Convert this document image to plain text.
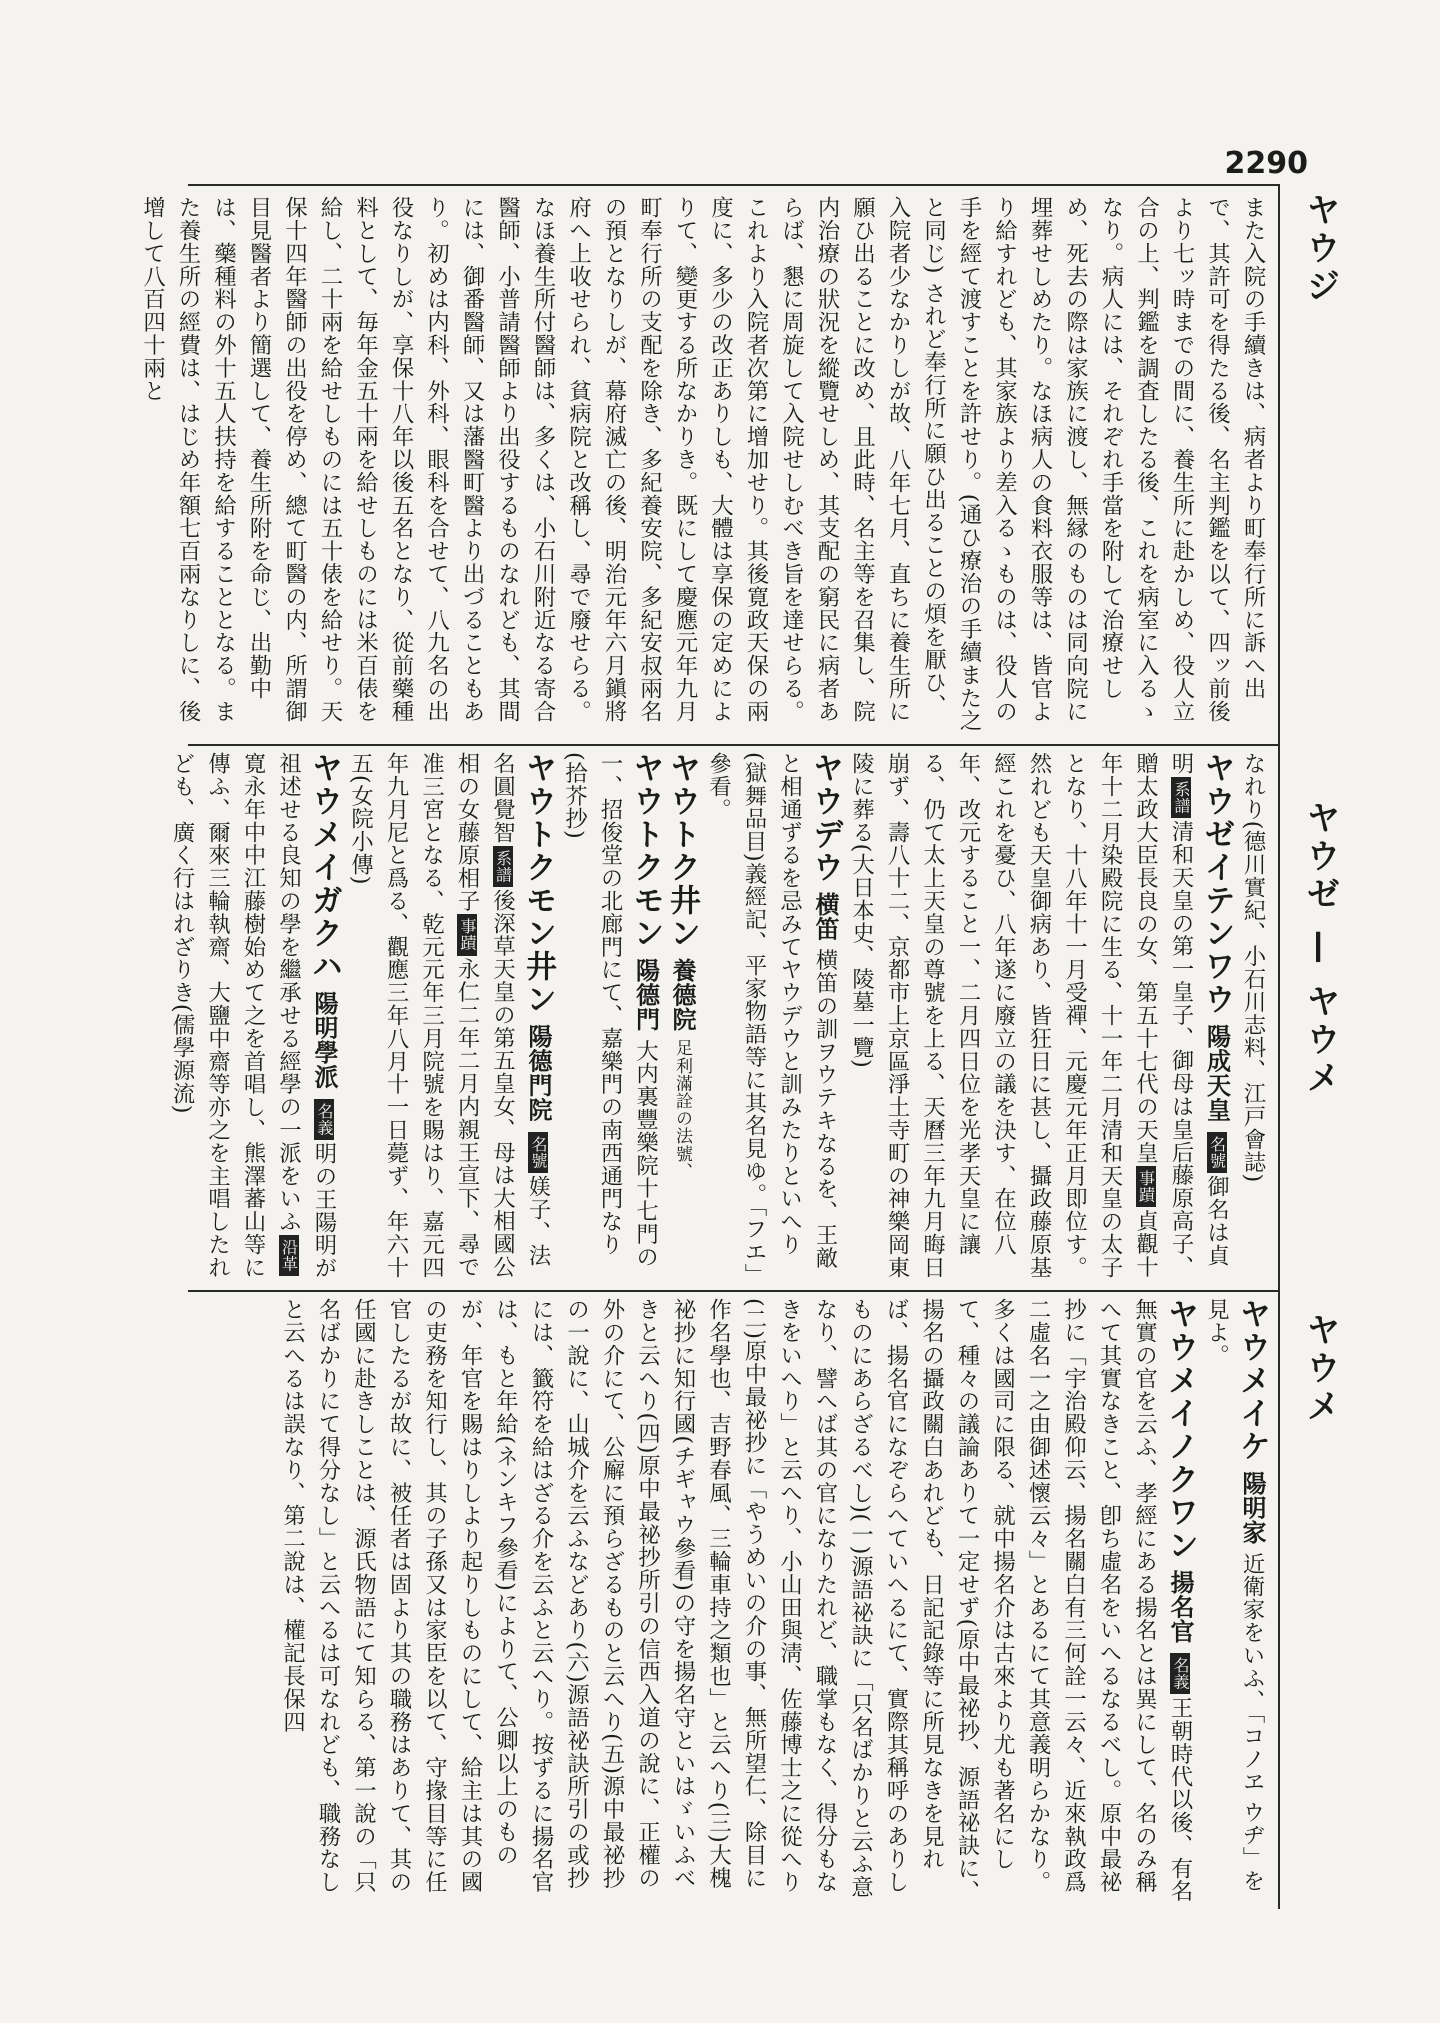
2290
ヤウジ
ヤウゼ — ヤウメ
ヤウメ

また入院の手續きは、病者より町奉行所に訴へ出で、其許可を得たる後、名主判鑑を以て、四ッ前後より七ッ時までの間に、養生所に赴かしめ、役人立合の上、判鑑を調査したる後、これを病室に入るゝなり。病人には、それぞれ手當を附して治療せしめ、死去の際は家族に渡し、無縁のものは同向院に埋葬せしめたり。なほ病人の食料衣服等は、皆官より給すれども、其家族より差入るゝものは、役人の手を經て渡すことを許せり。(通ひ療治の手續また之と同じ) されど奉行所に願ひ出ることの煩を厭ひ、入院者少なかりしが故、八年七月、直ちに養生所に願ひ出ることに改め、且此時、名主等を召集し、院内治療の狀況を縱覽せしめ、其支配の窮民に病者あらば、懇に周旋して入院せしむべき旨を達せらる。これより入院者次第に增加せり。其後寛政天保の兩度に、多少の改正ありしも、大體は享保の定めによりて、變更する所なかりき。既にして慶應元年九月町奉行所の支配を除き、多紀養安院、多紀安叔兩名の預となりしが、幕府滅亡の後、明治元年六月鎭將府へ上收せられ、貧病院と改稱し、尋で廢せらる。なほ養生所付醫師は、多くは、小石川附近なる寄合醫師、小普請醫師より出役するものなれども、其間には、御番醫師、又は藩醫町醫より出づることもあり。初めは内科、外科、眼科を合せて、八九名の出役なりしが、享保十八年以後五名となり、從前藥種料として、毎年金五十兩を給せしものには米百俵を給し、二十兩を給せしものには五十俵を給せり。天保十四年醫師の出役を停め、總て町醫の内、所謂御目見醫者より簡選して、養生所附を命じ、出勤中は、藥種料の外十五人扶持を給することとなる。また養生所の經費は、はじめ年額七百兩なりしに、後增して八百四十兩と

なれり(德川實紀、小石川志料、江戸會誌)

ヤウゼイテンワウ 陽成天皇 名號御名は貞明系譜清和天皇の第一皇子、御母は皇后藤原高子、贈太政大臣長良の女、第五十七代の天皇事蹟貞觀十年十二月染殿院に生る、十一年二月清和天皇の太子となり、十八年十一月受禪、元慶元年正月即位す。然れども天皇御病あり、皆狂日に甚し、攝政藤原基經これを憂ひ、八年遂に廢立の議を決す、在位八年、改元すること一、二月四日位を光孝天皇に讓る、仍て太上天皇の尊號を上る、天曆三年九月晦日崩ず、壽八十二、京都市上京區淨土寺町の神樂岡東陵に葬る(大日本史、陵墓一覽)

ヤウデウ 横笛 横笛の訓ヲウテキなるを、王敵と相通ずるを忌みてヤウデウと訓みたりといへり(獄舞品目)義經記、平家物語等に其名見ゆ。「フエ」參看。

ヤウトク井ン 養德院 足利滿詮の法號、

ヤウトクモン 陽德門 大内裏豐樂院十七門の一、招俊堂の北廊門にて、嘉樂門の南西通門なり(拾芥抄)

ヤウトクモン井ン 陽德門院 名號媄子、法名圓覺智系譜後深草天皇の第五皇女、母は大相國公相の女藤原相子事蹟永仁二年二月内親王宣下、尋で准三宮となる、乾元元年三月院號を賜はり、嘉元四年九月尼と爲る、觀應三年八月十一日薨ず、年六十五(女院小傳)

ヤウメイガクハ 陽明學派 名義明の王陽明が祖述せる良知の學を繼承せる經學の一派をいふ沿革寛永年中中江藤樹始めて之を首唱し、熊澤蕃山等に傳ふ、爾來三輪執齋、大鹽中齋等亦之を主唱したれども、廣く行はれざりき(儒學源流)

ヤウメイケ 陽明家 近衛家をいふ、「コノヱ ウヂ」を見よ。

ヤウメイノクワン 揚名官 名義王朝時代以後、有名無實の官を云ふ、孝經にある揚名とは異にして、名のみ稱へて其實なきこと、卽ち虛名をいへるなるべし。原中最祕抄に「宇治殿仰云、揚名關白有三何詮一云々、近來執政爲二虛名一之由御述懷云々」とあるにて其意義明らかなり。多くは國司に限る、就中揚名介は古來より尤も著名にして、種々の議論ありて一定せず(原中最祕抄、源語祕訣に、揚名の攝政關白あれども、日記記錄等に所見なきを見れば、揚名官になぞらへていへるにて、實際其稱呼のありしものにあらざるべし)(一)源語祕訣に「只名ばかりと云ふ意なり、譬へば其の官になりたれど、職掌もなく、得分もなきをいへり」と云へり、小山田與淸、佐藤博士之に從へり(二)原中最祕抄に「やうめいの介の事、無所望仁、除目に作名學也、吉野春風、三輪車持之類也」と云へり(三)大槐祕抄に知行國(チギャウ參看)の守を揚名守といはゞいふべきと云へり(四)原中最祕抄所引の信西入道の說に、正權の外の介にて、公廨に預らざるものと云へり(五)源中最祕抄の一說に、山城介を云ふなどあり(六)源語祕訣所引の或抄には、籤符を給はざる介を云ふと云へり。按ずるに揚名官は、もと年給(ネンキフ參看)によりて、公卿以上のものが、年官を賜はりしより起りしものにして、給主は其の國の吏務を知行し、其の子孫又は家臣を以て、守掾目等に任官したるが故に、被任者は固より其の職務はありて、其の任國に赴きしことは、源氏物語にて知らる、第一說の「只名ばかりにて得分なし」と云へるは可なれども、職務なしと云へるは誤なり、第二說は、權記長保四
